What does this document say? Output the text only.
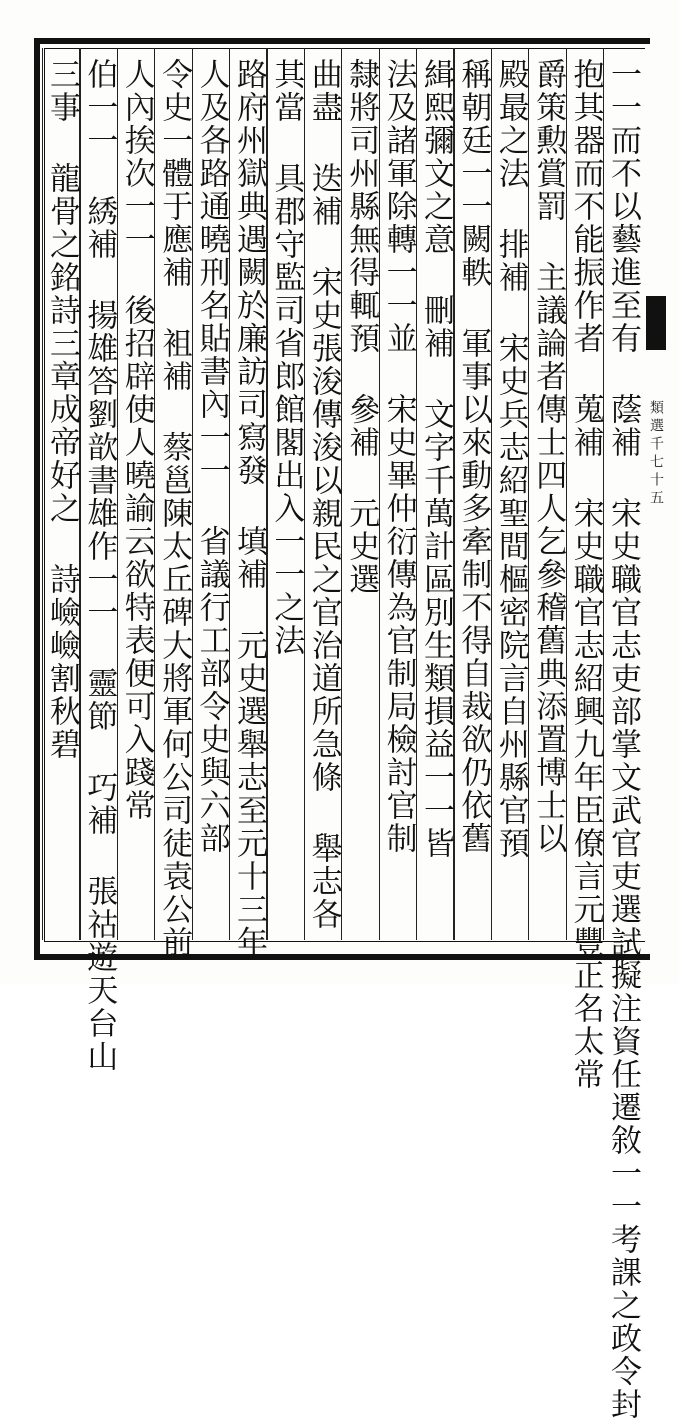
類選千七十五
一一而不以藝進至有 蔭補 宋史職官志吏部掌文武官吏選試擬注資任遷敘一一考課之政令封
抱其器而不能振作者 蒐補 宋史職官志紹興九年臣僚言元豐正名太常
爵策勲賞罰 主議論者傳士四人乞參稽舊典添置博士以
殿最之法 排補 宋史兵志紹聖間樞密院言自州縣官預
稱朝廷一一闕軼 軍事以來動多牽制不得自裁欲仍依舊
緝熙彌文之意 刪補 文字千萬計區別生類損益一一皆
法及諸軍除轉一一並 宋史畢仲衍傳為官制局檢討官制
隸將司州縣無得輒預 參補 元史選
曲盡 迭補 宋史張浚傳浚以親民之官治道所急條 舉志各
其當 具郡守監司省郎館閣出入一一之法
路府州獄典遇闕於廉訪司寫發 填補 元史選舉志至元十三年
人及各路通曉刑名貼書內一一 省議行工部令史與六部
令史一體于應補 袓補 蔡邕陳太丘碑大將軍何公司徒袁公前
人內挨次一一 後招辟使人曉諭云欲特表便可入踐常
伯一一 綉補 揚雄答劉歆書雄作一一 靈節 巧補 張祜遊天台山
三事 龍骨之銘詩三章成帝好之 詩嶮嶮割秋碧
